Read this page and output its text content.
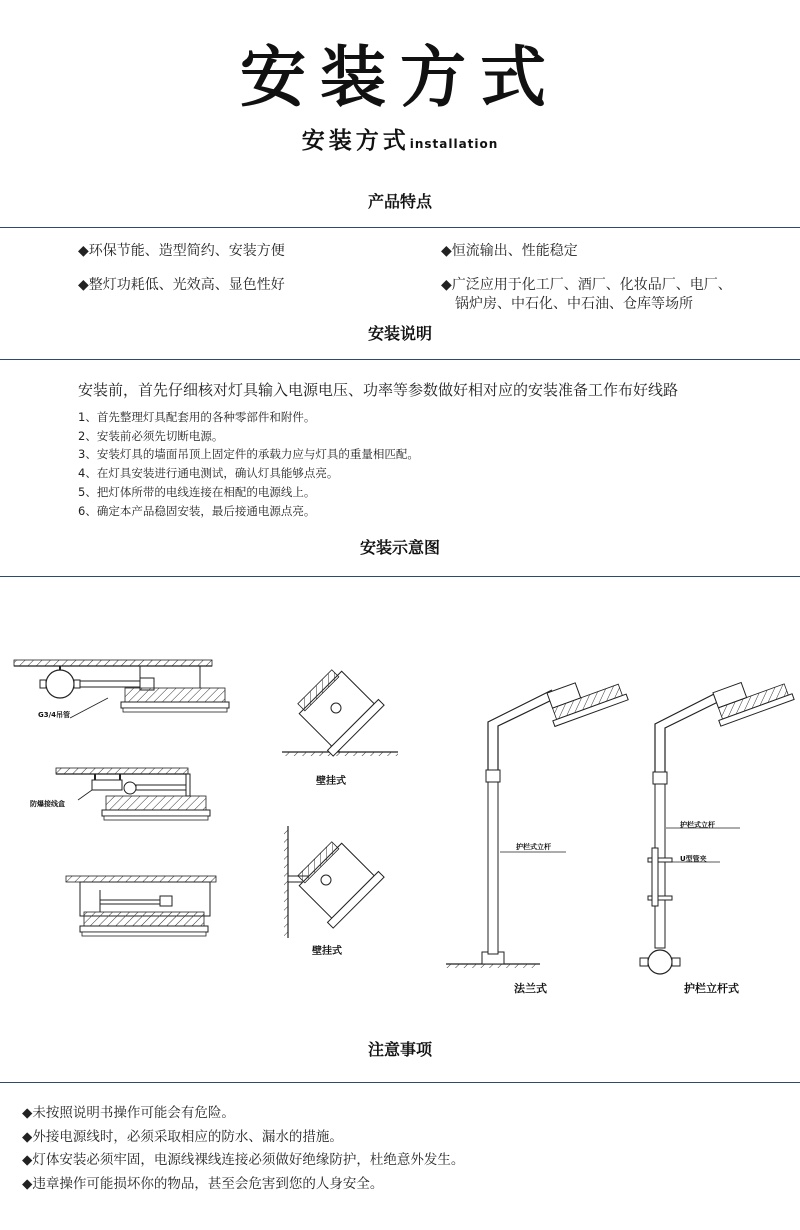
安装方式
安装方式installation
产品特点
◆环保节能、造型简约、安装方便	◆恒流输出、性能稳定
◆整灯功耗低、光效高、显色性好	◆广泛应用于化工厂、酒厂、化妆品厂、电厂、
锅炉房、中石化、中石油、仓库等场所
安装说明
安装前，首先仔细核对灯具输入电源电压、功率等参数做好相对应的安装准备工作布好线路
1、首先整理灯具配套用的各种零部件和附件。
2、安装前必须先切断电源。
3、安装灯具的墙面吊顶上固定件的承载力应与灯具的重量相匹配。
4、在灯具安装进行通电测试，确认灯具能够点亮。
5、把灯体所带的电线连接在相配的电源线上。
6、确定本产品稳固安装，最后接通电源点亮。
安装示意图
G3/4吊管
防爆接线盒
壁挂式
壁挂式
护栏式立杆
法兰式
护栏式立杆
U型管夹
护栏立杆式
注意事项
◆未按照说明书操作可能会有危险。
◆外接电源线时，必须采取相应的防水、漏水的措施。
◆灯体安装必须牢固，电源线裸线连接必须做好绝缘防护，杜绝意外发生。
◆违章操作可能损坏你的物品，甚至会危害到您的人身安全。
